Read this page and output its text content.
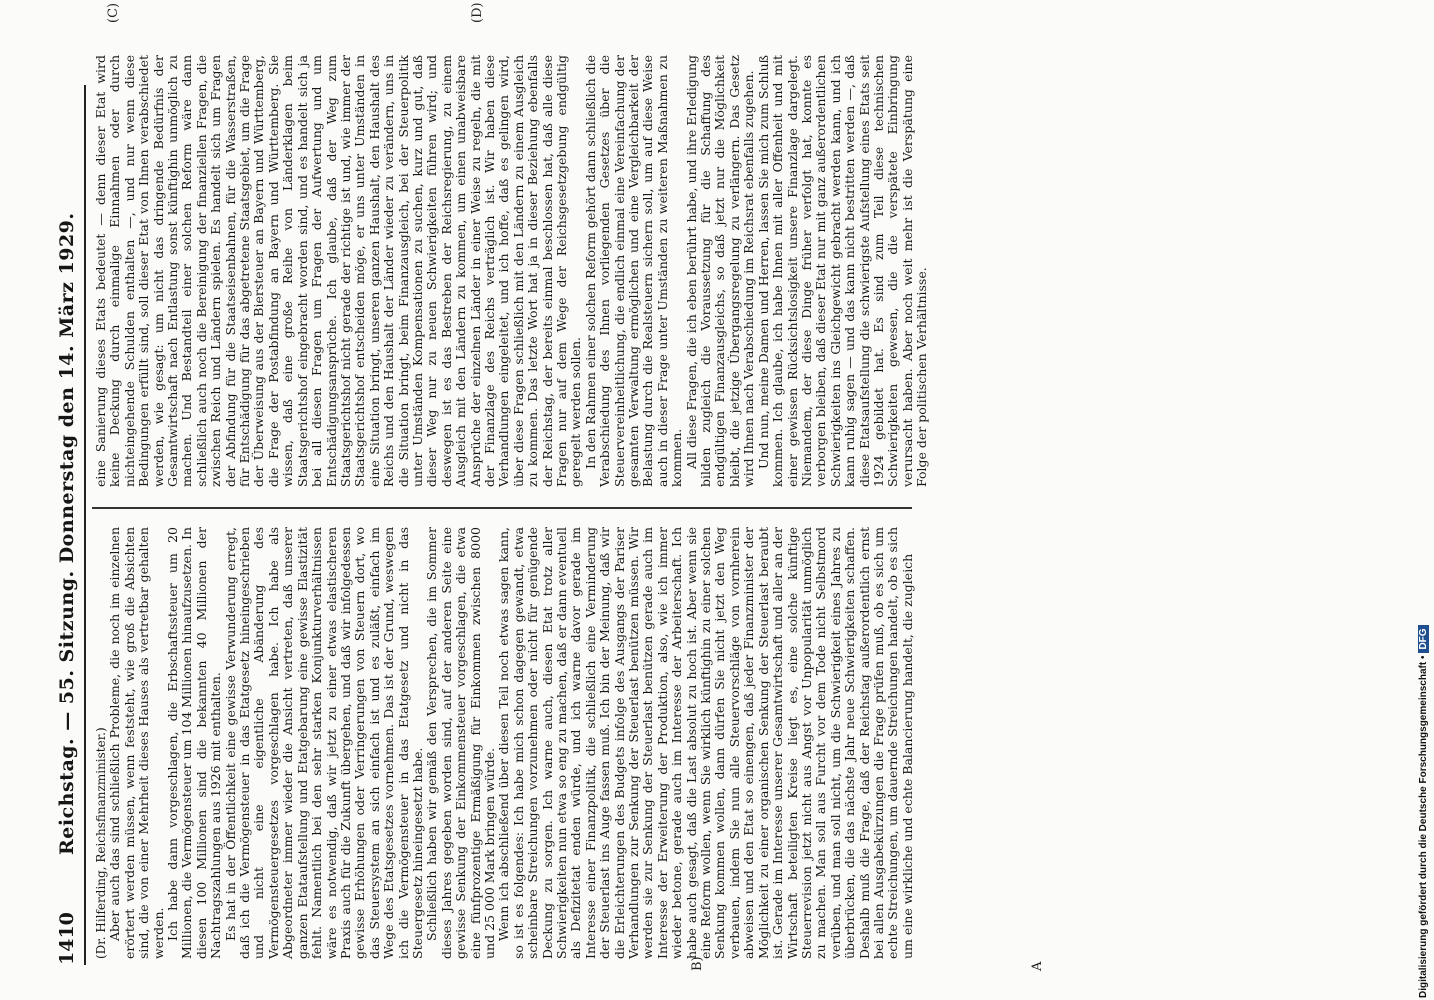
1410
Reichstag. — 55. Sitzung. Donnerstag den 14. März 1929. (Dr. Hilferding, Reichsfinanzminister.) Aber auch das sind schließlich Probleme, die noch im einzelnen erörtert werden müssen, wenn feststeht, wie groß die Absichten sind, die von einer Mehrheit dieses Hauses als vertretbar gehalten werden. Ich habe dann vorgeschlagen, die Erbschaftssteuer um 20 Millionen, die Vermögensteuer um 104 Millionen hinaufzusetzen. In diesen 100 Millionen sind die bekannten 40 Millionen der Nachtragszahlungen aus 1926 mit enthalten. Es hat in der Öffentlichkeit eine gewisse Verwunderung erregt, daß ich die Vermögensteuer in das Etatgesetz hineingeschrieben und nicht eine eigentliche Abänderung des Vermögensteuergesetzes vorgeschlagen habe. Ich habe als Abgeordneter immer wieder die Ansicht vertreten, daß unserer ganzen Etataufstellung und Etatgebarung eine gewisse Elastizität fehlt. Namentlich bei den sehr starken Konjunkturverhältnissen wäre es notwendig, daß wir jetzt zu einer etwas elastischeren Praxis auch für die Zukunft übergehen, und daß wir infolgedessen gewisse Erhöhungen oder Verringerungen von Steuern dort, wo das Steuersystem an sich einfach ist und es zuläßt, einfach im Wege des Etatsgesetzes vornehmen. Das ist der Grund, weswegen ich die Vermögensteuer in das Etatgesetz und nicht in das Steuergesetz hineingesetzt habe. Schließlich haben wir gemäß den Versprechen, die im Sommer dieses Jahres gegeben worden sind, auf der anderen Seite eine gewisse Senkung der Einkommensteuer vorgeschlagen, die etwa eine fünfprozentige Ermäßigung für Einkommen zwischen 8000 und 25 000 Mark bringen würde. Wenn ich abschließend über diesen Teil noch etwas sagen kann, so ist es folgendes: Ich habe mich schon dagegen gewandt, etwa scheinbare Streichungen vorzunehmen oder nicht für genügende Deckung zu sorgen. Ich warne auch, diesen Etat trotz aller Schwierigkeiten nun etwa so eng zu machen, daß er dann eventuell als Defizitetat enden würde, und ich warne davor gerade im Interesse einer Finanzpolitik, die schließlich eine Verminderung der Steuerlast ins Auge fassen muß. Ich bin der Meinung, daß wir die Erleichterungen des Budgets infolge des Ausgangs der Pariser Verhandlungen zur Senkung der Steuerlast benützen müssen. Wir werden sie zur Senkung der Steuerlast benützen gerade auch im Interesse der Erweiterung der Produktion, also, wie ich immer wieder betone, gerade auch im Interesse der Arbeiterschaft. Ich habe auch gesagt, daß die Last absolut zu hoch ist. Aber wenn sie eine Reform wollen, wenn Sie wirklich künftighin zu einer solchen Senkung kommen wollen, dann dürfen Sie nicht jetzt den Weg verbauen, indem Sie nun alle Steuervorschläge von vornherein abweisen und den Etat so einengen, daß jeder Finanzminister der Möglichkeit zu einer organischen Senkung der Steuerlast beraubt ist. Gerade im Interesse unserer Gesamtwirtschaft und aller an der Wirtschaft beteiligten Kreise liegt es, eine solche künftige Steuerrevision jetzt nicht aus Angst vor Unpopularität unmöglich zu machen. Man soll aus Furcht vor dem Tode nicht Selbstmord verüben, und man soll nicht, um die Schwierigkeit eines Jahres zu überbrücken, die das nächste Jahr neue Schwierigkeiten schaffen. Deshalb muß die Frage, daß der Reichstag außerordentlich ernst bei allen Ausgabekürzungen die Frage prüfen muß, ob es sich um echte Streichungen, um dauernde Streichungen handelt, ob es sich um eine wirkliche und echte Balancierung handelt, die zugleich

eine Sanierung dieses Etats bedeutet — denn dieser Etat wird keine Deckung durch einmalige Einnahmen oder durch nichteingehende Schulden enthalten —, und nur wenn diese Bedingungen erfüllt sind, soll dieser Etat von Ihnen verabschiedet werden, wie gesagt: um nicht das dringende Bedürfnis der Gesamtwirtschaft nach Entlastung sonst künftighin unmöglich zu machen. Und Bestandteil einer solchen Reform wäre dann schließlich auch noch die Bereinigung der finanziellen Fragen, die zwischen Reich und Ländern spielen. Es handelt sich um Fragen der Abfindung für die Staatseisenbahnen, für die Wasserstraßen, für Entschädigung für das abgetretene Staatsgebiet, um die Frage der Überweisung aus der Biersteuer an Bayern und Württemberg, die Frage der Postabfindung an Bayern und Württemberg. Sie wissen, daß eine große Reihe von Länderklagen beim Staatsgerichtshof eingebracht worden sind, und es handelt sich ja bei all diesen Fragen um Fragen der Aufwertung und um Entschädigungsansprüche. Ich glaube, daß der Weg zum Staatsgerichtshof nicht gerade der richtige ist und, wie immer der Staatsgerichtshof entscheiden möge, er uns unter Umständen in eine Situation bringt, unseren ganzen Haushalt, den Haushalt des Reichs und den Haushalt der Länder wieder zu verändern, uns in die Situation bringt, beim Finanzausgleich, bei der Steuerpolitik unter Umständen Kompensationen zu suchen, kurz und gut, daß dieser Weg nur zu neuen Schwierigkeiten führen wird; und deswegen ist es das Bestreben der Reichsregierung, zu einem Ausgleich mit den Ländern zu kommen, um einen unabweisbare Ansprüche der einzelnen Länder in einer Weise zu regeln, die mit der Finanzlage des Reichs verträglich ist. Wir haben diese Verhandlungen eingeleitet, und ich hoffe, daß es gelingen wird, über diese Fragen schließlich mit den Ländern zu einem Ausgleich zu kommen. Das letzte Wort hat ja in dieser Beziehung ebenfalls der Reichstag, der bereits einmal beschlossen hat, daß alle diese Fragen nur auf dem Wege der Reichsgesetzgebung endgültig geregelt werden sollen. In den Rahmen einer solchen Reform gehört dann schließlich die Verabschiedung des Ihnen vorliegenden Gesetzes über die Steuervereinheitlichung, die endlich einmal eine Vereinfachung der gesamten Verwaltung ermöglichen und eine Vergleichbarkeit der Belastung durch die Realsteuern sichern soll, um auf diese Weise auch in dieser Frage unter Umständen zu weiteren Maßnahmen zu kommen. All diese Fragen, die ich eben berührt habe, und ihre Erledigung bilden zugleich die Voraussetzung für die Schaffung des endgültigen Finanzausgleichs, so daß jetzt nur die Möglichkeit bleibt, die jetzige Übergangsregelung zu verlängern. Das Gesetz wird Ihnen nach Verabschiedung im Reichsrat ebenfalls zugehen. Und nun, meine Damen und Herren, lassen Sie mich zum Schluß kommen. Ich glaube, ich habe Ihnen mit aller Offenheit und mit einer gewissen Rücksichtslosigkeit unsere Finanzlage dargelegt. Niemandem, der diese Dinge früher verfolgt hat, konnte es verborgen bleiben, daß dieser Etat nur mit ganz außerordentlichen Schwierigkeiten ins Gleichgewicht gebracht werden kann, und ich kann ruhig sagen — und das kann nicht bestritten werden —, daß diese Etatsaufstellung die schwierigste Aufstellung eines Etats seit 1924 gebildet hat. Es sind zum Teil diese technischen Schwierigkeiten gewesen, die die verspätete Einbringung verursacht haben. Aber noch weit mehr ist die Verspätung eine Folge der politischen Verhältnisse.

A
B)
(C)	(D)
Digitalisierung gefördert durch die Deutsche Forschungsgemeinschaft •DFG
